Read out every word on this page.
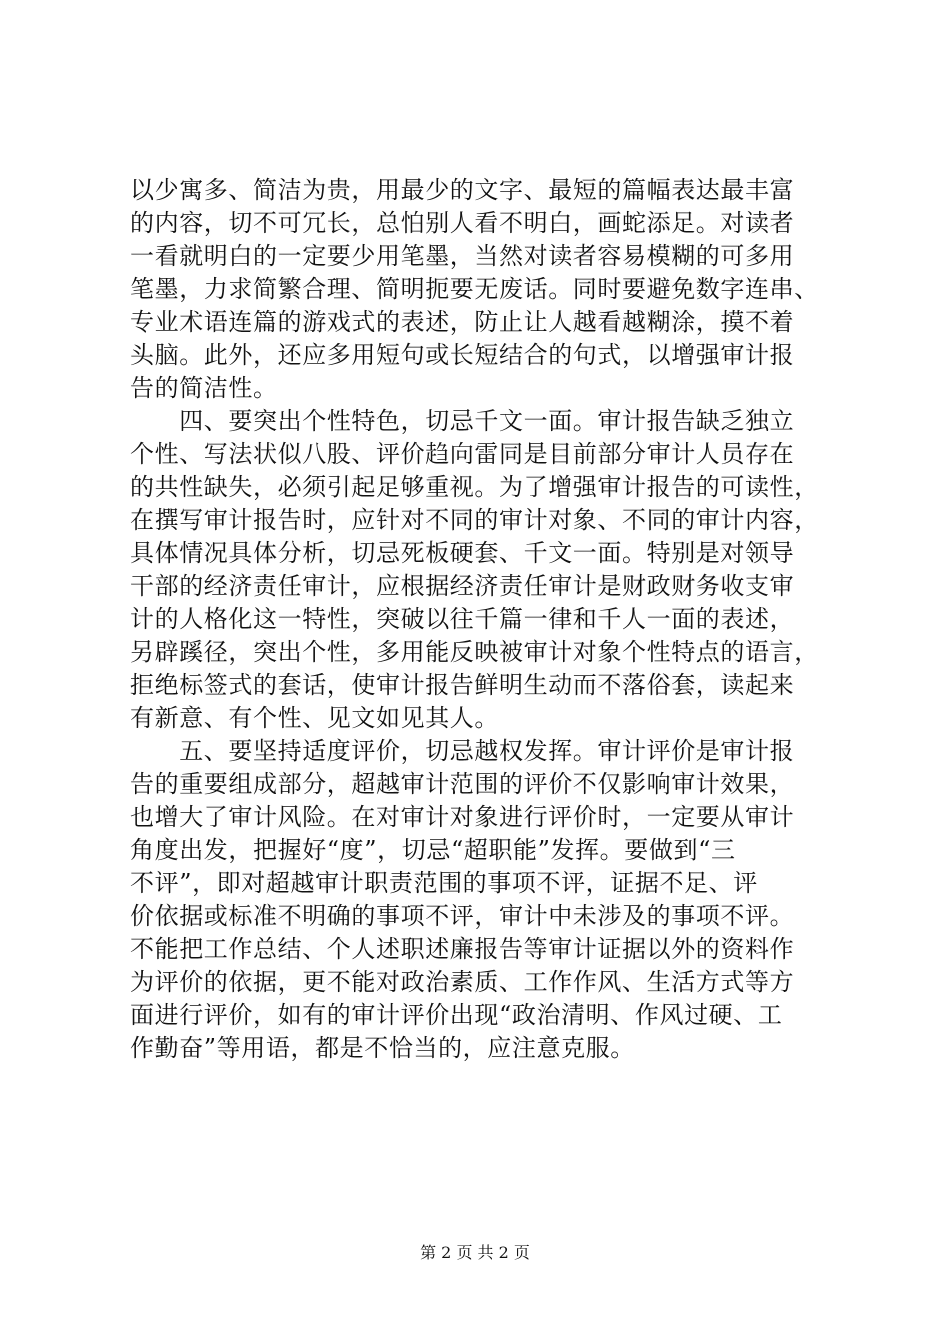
以少寓多、简洁为贵，用最少的文字、最短的篇幅表达最丰富
的内容，切不可冗长，总怕别人看不明白，画蛇添足。对读者
一看就明白的一定要少用笔墨，当然对读者容易模糊的可多用
笔墨，力求简繁合理、简明扼要无废话。同时要避免数字连串、
专业术语连篇的游戏式的表述，防止让人越看越糊涂，摸不着
头脑。此外，还应多用短句或长短结合的句式，以增强审计报
告的简洁性。
　　四、要突出个性特色，切忌千文一面。审计报告缺乏独立
个性、写法状似八股、评价趋向雷同是目前部分审计人员存在
的共性缺失，必须引起足够重视。为了增强审计报告的可读性，
在撰写审计报告时，应针对不同的审计对象、不同的审计内容，
具体情况具体分析，切忌死板硬套、千文一面。特别是对领导
干部的经济责任审计，应根据经济责任审计是财政财务收支审
计的人格化这一特性，突破以往千篇一律和千人一面的表述，
另辟蹊径，突出个性，多用能反映被审计对象个性特点的语言，
拒绝标签式的套话，使审计报告鲜明生动而不落俗套，读起来
有新意、有个性、见文如见其人。
　　五、要坚持适度评价，切忌越权发挥。审计评价是审计报
告的重要组成部分，超越审计范围的评价不仅影响审计效果，
也增大了审计风险。在对审计对象进行评价时，一定要从审计
角度出发，把握好“度”，切忌“超职能”发挥。要做到“三
不评”，即对超越审计职责范围的事项不评，证据不足、评
价依据或标准不明确的事项不评，审计中未涉及的事项不评。
不能把工作总结、个人述职述廉报告等审计证据以外的资料作
为评价的依据，更不能对政治素质、工作作风、生活方式等方
面进行评价，如有的审计评价出现“政治清明、作风过硬、工
作勤奋”等用语，都是不恰当的，应注意克服。
第 2 页 共 2 页
